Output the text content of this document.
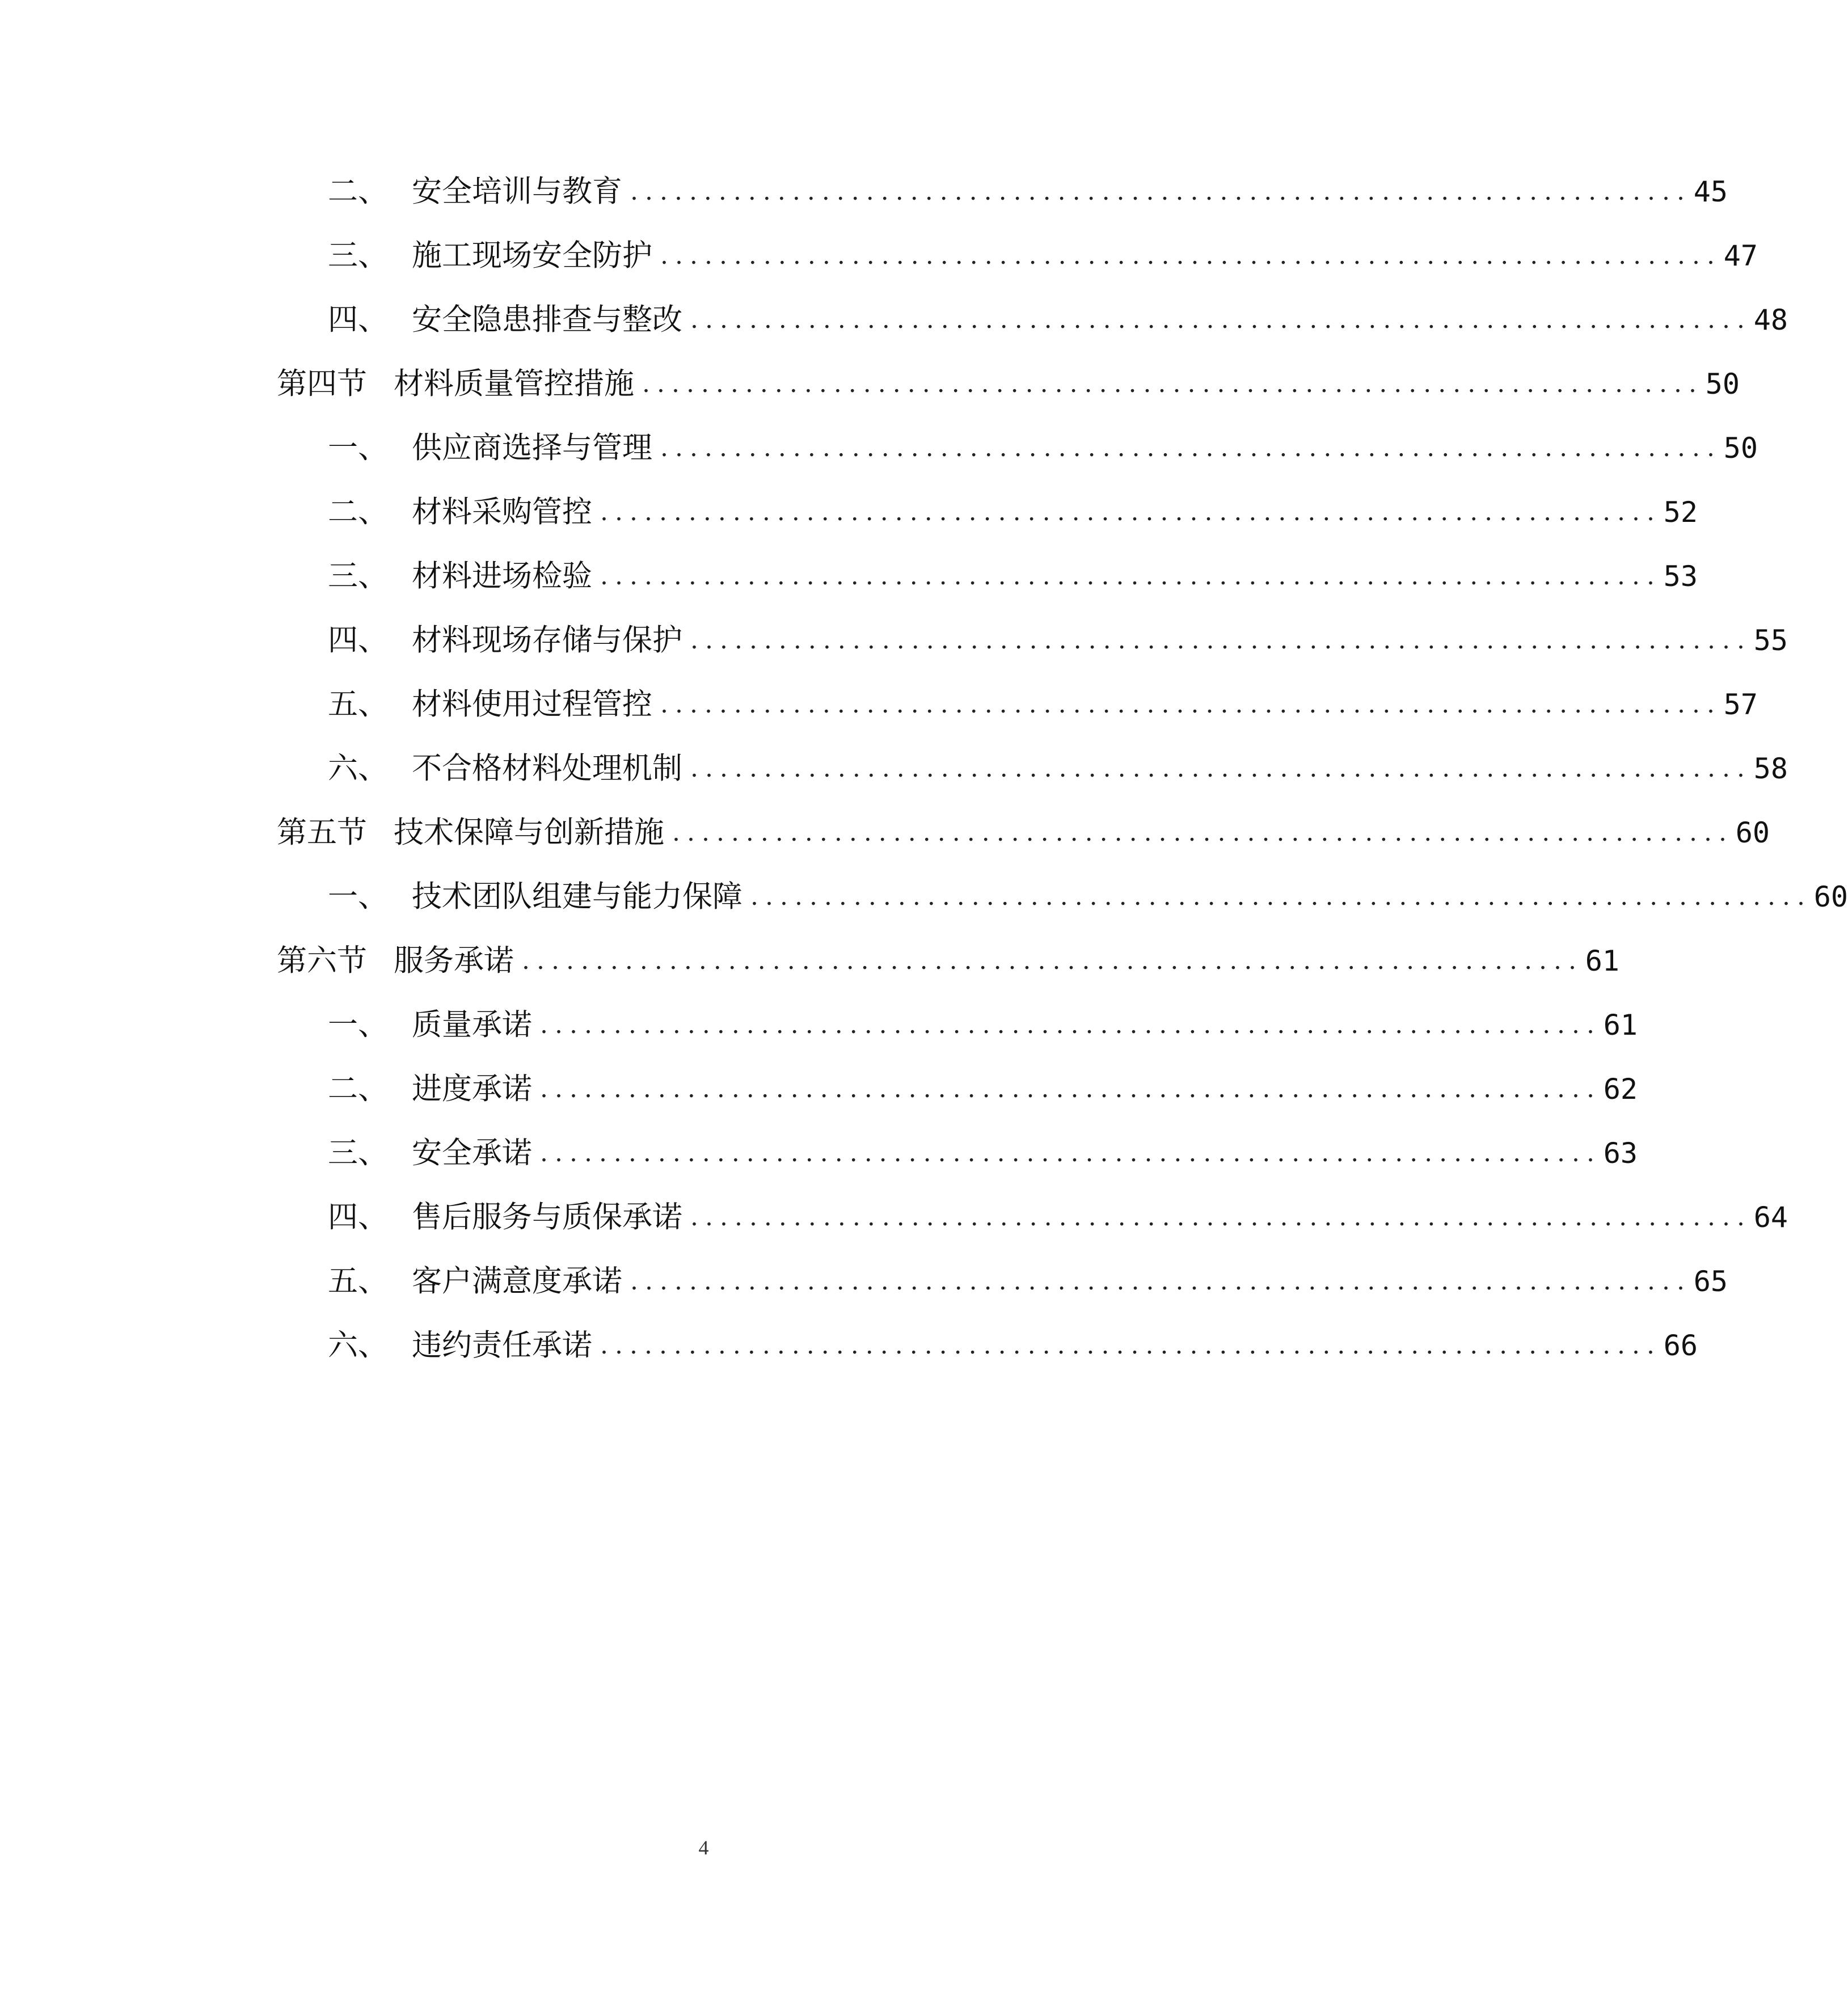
二、 安全培训与教育 ........................................................................ 45
三、 施工现场安全防护 ........................................................................ 47
四、 安全隐患排查与整改 ........................................................................ 48
第四节 材料质量管控措施 ........................................................................ 50
一、 供应商选择与管理 ........................................................................ 50
二、 材料采购管控 ........................................................................ 52
三、 材料进场检验 ........................................................................ 53
四、 材料现场存储与保护 ........................................................................ 55
五、 材料使用过程管控 ........................................................................ 57
六、 不合格材料处理机制 ........................................................................ 58
第五节 技术保障与创新措施 ........................................................................ 60
一、 技术团队组建与能力保障 ........................................................................ 60
第六节 服务承诺 ........................................................................ 61
一、 质量承诺 ........................................................................ 61
二、 进度承诺 ........................................................................ 62
三、 安全承诺 ........................................................................ 63
四、 售后服务与质保承诺 ........................................................................ 64
五、 客户满意度承诺 ........................................................................ 65
六、 违约责任承诺 ........................................................................ 66
4
